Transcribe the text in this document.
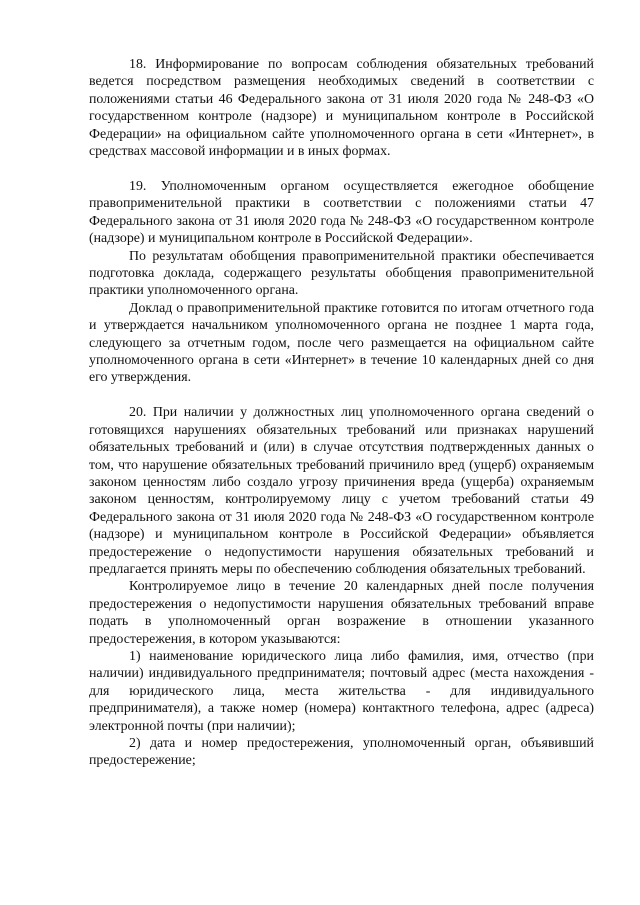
18. Информирование по вопросам соблюдения обязательных требований ведется посредством размещения необходимых сведений в соответствии с положениями статьи 46 Федерального закона от 31 июля 2020 года № 248-ФЗ «О государственном контроле (надзоре) и муниципальном контроле в Российской Федерации» на официальном сайте уполномоченного органа в сети «Интернет», в средствах массовой информации и в иных формах.

19. Уполномоченным органом осуществляется ежегодное обобщение правоприменительной практики в соответствии с положениями статьи 47 Федерального закона от 31 июля 2020 года № 248-ФЗ «О государственном контроле (надзоре) и муниципальном контроле в Российской Федерации».

По результатам обобщения правоприменительной практики обеспечивается подготовка доклада, содержащего результаты обобщения правоприменительной практики уполномоченного органа.

Доклад о правоприменительной практике готовится по итогам отчетного года и утверждается начальником уполномоченного органа не позднее 1 марта года, следующего за отчетным годом, после чего размещается на официальном сайте уполномоченного органа в сети «Интернет» в течение 10 календарных дней со дня его утверждения.

20. При наличии у должностных лиц уполномоченного органа сведений о готовящихся нарушениях обязательных требований или признаках нарушений обязательных требований и (или) в случае отсутствия подтвержденных данных о том, что нарушение обязательных требований причинило вред (ущерб) охраняемым законом ценностям либо создало угрозу причинения вреда (ущерба) охраняемым законом ценностям, контролируемому лицу с учетом требований статьи 49 Федерального закона от 31 июля 2020 года № 248-ФЗ «О государственном контроле (надзоре) и муниципальном контроле в Российской Федерации» объявляется предостережение о недопустимости нарушения обязательных требований и предлагается принять меры по обеспечению соблюдения обязательных требований.

Контролируемое лицо в течение 20 календарных дней после получения предостережения о недопустимости нарушения обязательных требований вправе подать в уполномоченный орган возражение в отношении указанного предостережения, в котором указываются:

1) наименование юридического лица либо фамилия, имя, отчество (при наличии) индивидуального предпринимателя; почтовый адрес (места нахождения - для юридического лица, места жительства - для индивидуального предпринимателя), а также номер (номера) контактного телефона, адрес (адреса) электронной почты (при наличии);

2) дата и номер предостережения, уполномоченный орган, объявивший предостережение;
